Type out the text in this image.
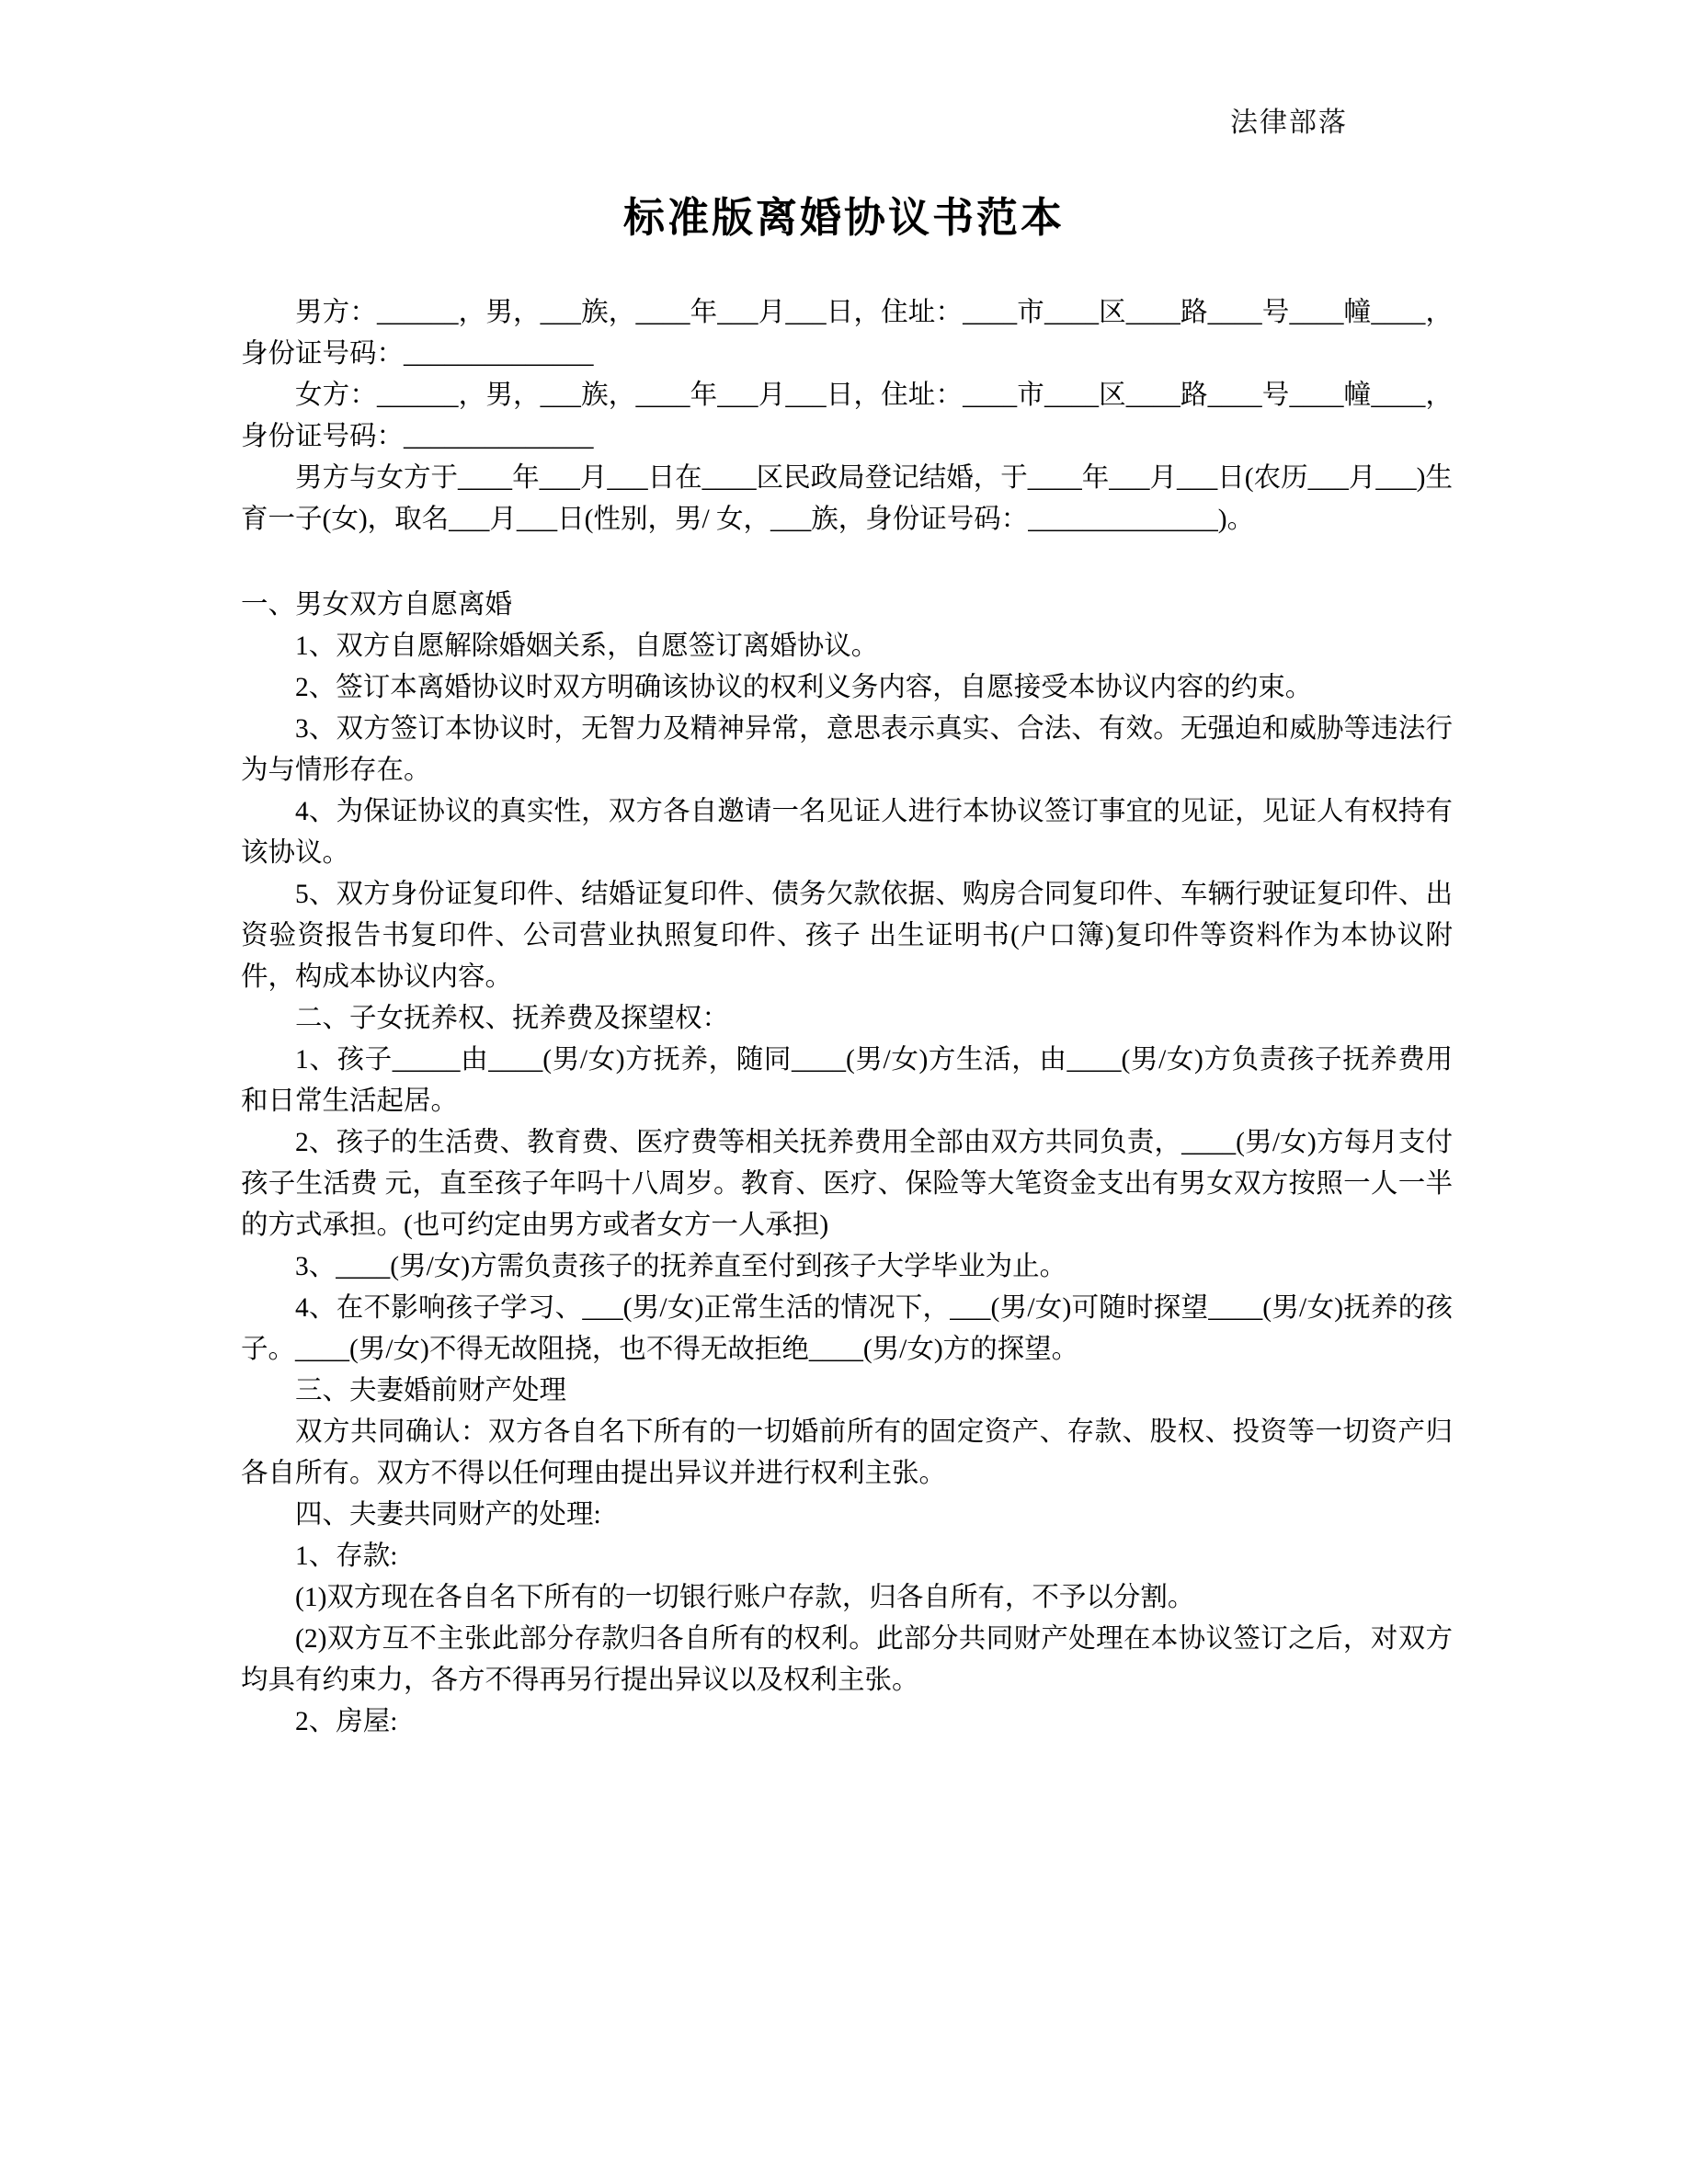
法律部落
标准版离婚协议书范本

男方：______，男，___族，____年___月___日，住址：____市____区____路____号____幢____，身份证号码：______________

女方：______，男，___族，____年___月___日，住址：____市____区____路____号____幢____，身份证号码：______________

男方与女方于____年___月___日在____区民政局登记结婚，于____年___月___日(农历___月___)生育一子(女)，取名___月___日(性别，男/ 女，___族，身份证号码：______________)。

一、男女双方自愿离婚

1、双方自愿解除婚姻关系，自愿签订离婚协议。

2、签订本离婚协议时双方明确该协议的权利义务内容，自愿接受本协议内容的约束。

3、双方签订本协议时，无智力及精神异常，意思表示真实、合法、有效。无强迫和威胁等违法行为与情形存在。

4、为保证协议的真实性，双方各自邀请一名见证人进行本协议签订事宜的见证，见证人有权持有该协议。

5、双方身份证复印件、结婚证复印件、债务欠款依据、购房合同复印件、车辆行驶证复印件、出资验资报告书复印件、公司营业执照复印件、孩子 出生证明书(户口簿)复印件等资料作为本协议附件，构成本协议内容。

二、子女抚养权、抚养费及探望权：

1、孩子_____由____(男/女)方抚养，随同____(男/女)方生活，由____(男/女)方负责孩子抚养费用和日常生活起居。

2、孩子的生活费、教育费、医疗费等相关抚养费用全部由双方共同负责，____(男/女)方每月支付孩子生活费 元，直至孩子年吗十八周岁。教育、医疗、保险等大笔资金支出有男女双方按照一人一半的方式承担。(也可约定由男方或者女方一人承担)

3、____(男/女)方需负责孩子的抚养直至付到孩子大学毕业为止。

4、在不影响孩子学习、___(男/女)正常生活的情况下，___(男/女)可随时探望____(男/女)抚养的孩子。____(男/女)不得无故阻挠，也不得无故拒绝____(男/女)方的探望。

三、夫妻婚前财产处理

双方共同确认：双方各自名下所有的一切婚前所有的固定资产、存款、股权、投资等一切资产归各自所有。双方不得以任何理由提出异议并进行权利主张。

四、夫妻共同财产的处理:

1、存款:

(1)双方现在各自名下所有的一切银行账户存款，归各自所有，不予以分割。

(2)双方互不主张此部分存款归各自所有的权利。此部分共同财产处理在本协议签订之后，对双方均具有约束力，各方不得再另行提出异议以及权利主张。

2、房屋:
